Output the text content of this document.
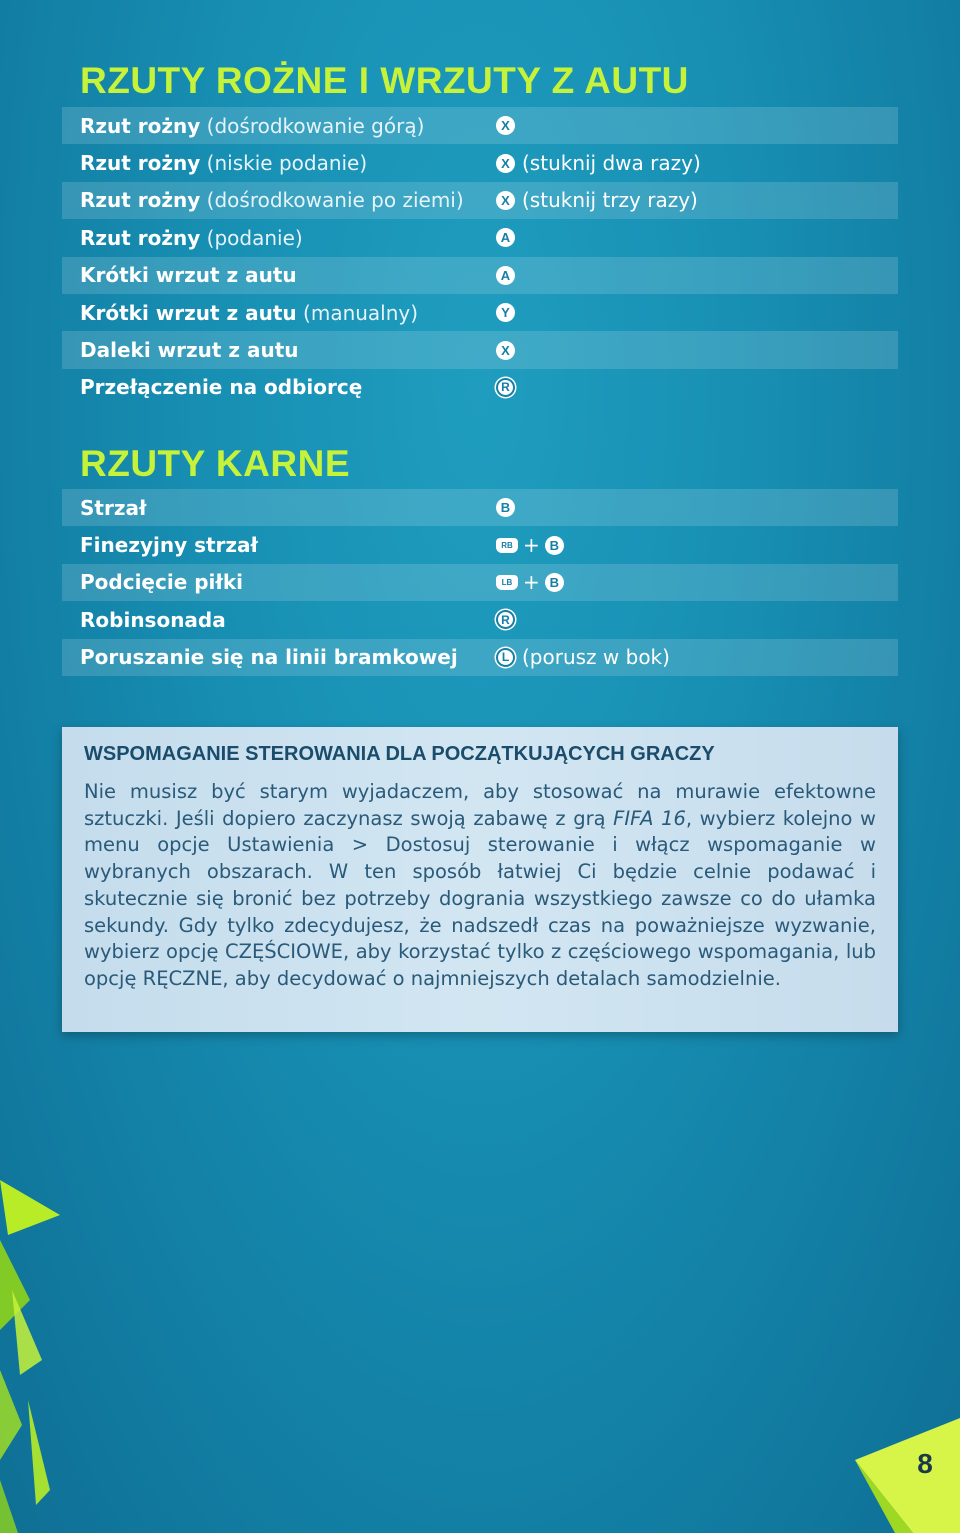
RZUTY ROŻNE I WRZUTY Z AUTU
Rzut rożny (dośrodkowanie górą)	X
Rzut rożny (niskie podanie)	X (stuknij dwa razy)
Rzut rożny (dośrodkowanie po ziemi)	X (stuknij trzy razy)
Rzut rożny (podanie)	A
Krótki wrzut z autu	A
Krótki wrzut z autu (manualny)	Y
Daleki wrzut z autu	X
Przełączenie na odbiorcę	R
RZUTY KARNE
Strzał	B
Finezyjny strzał	RB + B
Podcięcie piłki	LB + B
Robinsonada	R
Poruszanie się na linii bramkowej	L (porusz w bok)
WSPOMAGANIE STEROWANIA DLA POCZĄTKUJĄCYCH GRACZY

Nie musisz być starym wyjadaczem, aby stosować na murawie efektowne sztuczki. Jeśli dopiero zaczynasz swoją zabawę z grą FIFA 16, wybierz kolejno w menu opcje Ustawienia > Dostosuj sterowanie i włącz wspomaganie w wybranych obszarach. W ten sposób łatwiej Ci będzie celnie podawać i skutecznie się bronić bez potrzeby dogrania wszystkiego zawsze co do ułamka sekundy. Gdy tylko zdecydujesz, że nadszedł czas na poważniejsze wyzwanie, wybierz opcję CZĘŚCIOWE, aby korzystać tylko z częściowego wspomagania, lub opcję RĘCZNE, aby decydować o najmniejszych detalach samodzielnie.

8
